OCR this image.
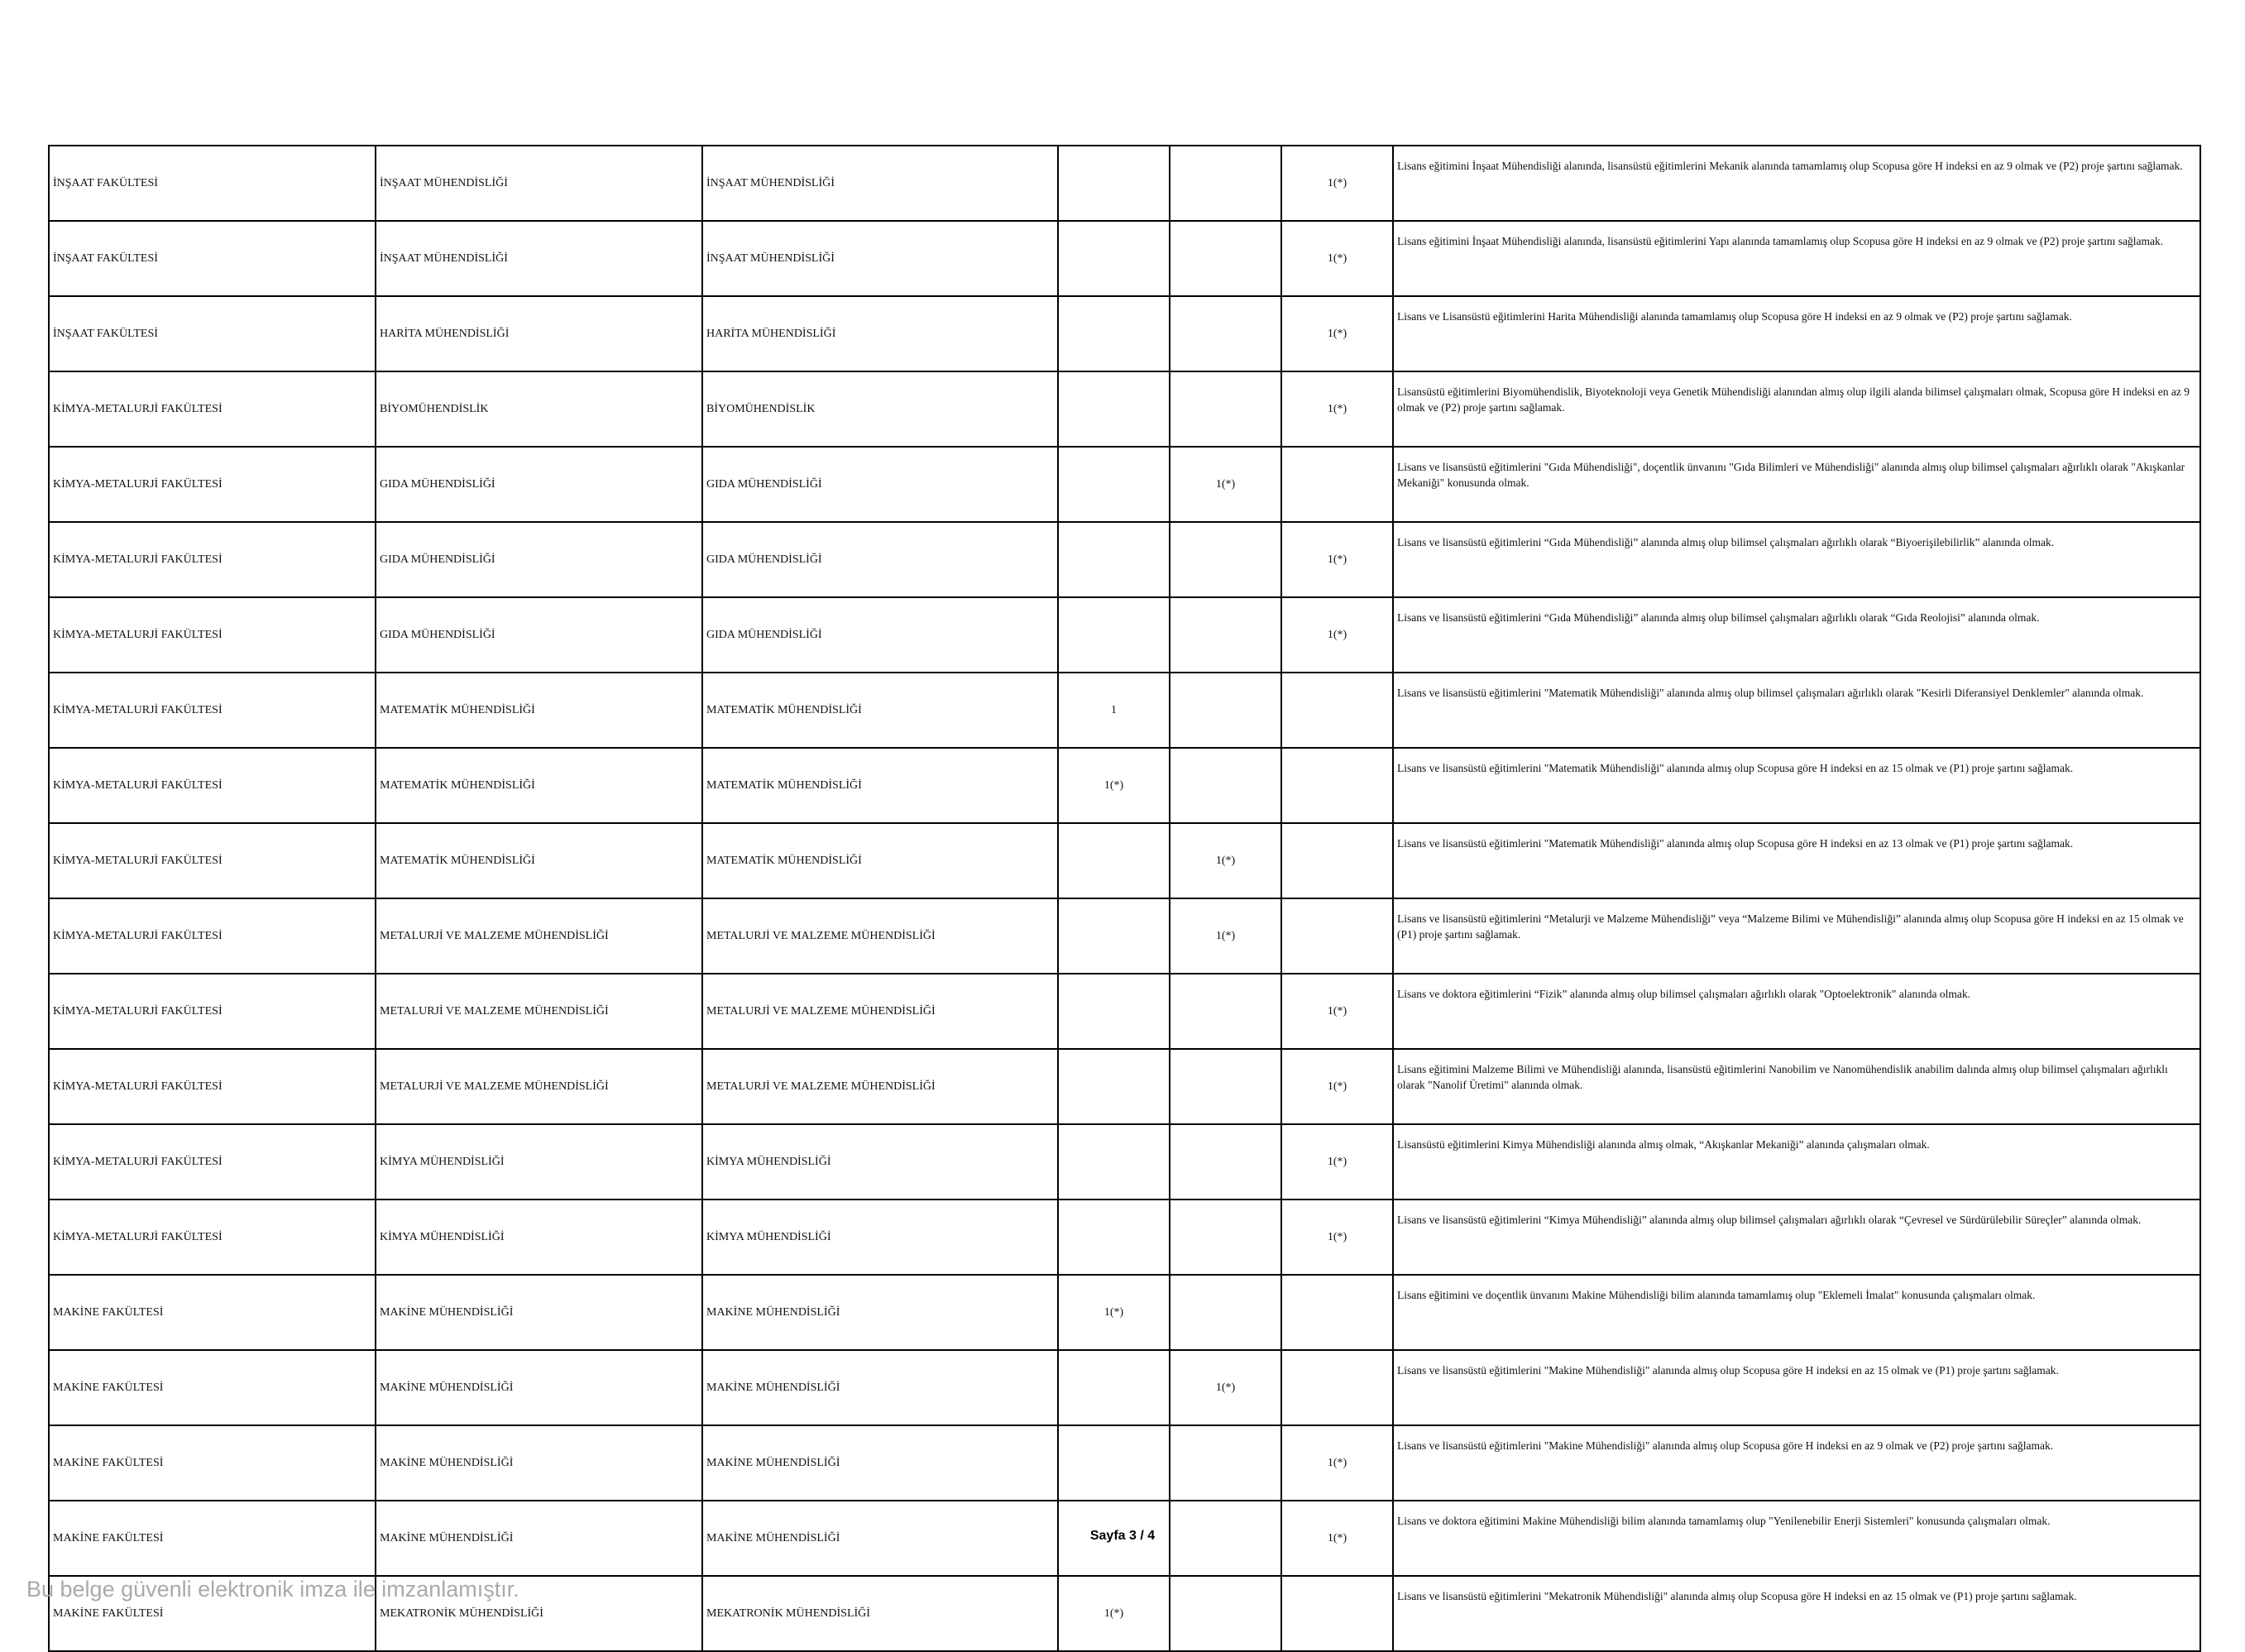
İNŞAAT FAKÜLTESİ	İNŞAAT MÜHENDİSLİĞİ	İNŞAAT MÜHENDİSLİĞİ			1(*)	Lisans eğitimini İnşaat Mühendisliği alanında, lisansüstü eğitimlerini Mekanik alanında tamamlamış olup Scopusa göre H indeksi en az 9 olmak ve (P2) proje şartını sağlamak.
İNŞAAT FAKÜLTESİ	İNŞAAT MÜHENDİSLİĞİ	İNŞAAT MÜHENDİSLİĞİ			1(*)	Lisans eğitimini İnşaat Mühendisliği alanında, lisansüstü eğitimlerini Yapı alanında tamamlamış olup Scopusa göre H indeksi en az 9 olmak ve (P2) proje şartını sağlamak.
İNŞAAT FAKÜLTESİ	HARİTA MÜHENDİSLİĞİ	HARİTA MÜHENDİSLİĞİ			1(*)	Lisans ve Lisansüstü eğitimlerini Harita Mühendisliği alanında tamamlamış olup Scopusa göre H indeksi en az 9 olmak ve (P2) proje şartını sağlamak.
KİMYA-METALURJİ FAKÜLTESİ	BİYOMÜHENDİSLİK	BİYOMÜHENDİSLİK			1(*)	Lisansüstü eğitimlerini Biyomühendislik, Biyoteknoloji veya Genetik Mühendisliği alanından almış olup ilgili alanda bilimsel çalışmaları olmak, Scopusa göre H indeksi en az 9 olmak ve (P2) proje şartını sağlamak.
KİMYA-METALURJİ FAKÜLTESİ	GIDA MÜHENDİSLİĞİ	GIDA MÜHENDİSLİĞİ		1(*)		Lisans ve lisansüstü eğitimlerini "Gıda Mühendisliği", doçentlik ünvanını "Gıda Bilimleri ve Mühendisliği" alanında almış olup bilimsel çalışmaları ağırlıklı olarak "Akışkanlar Mekaniği" konusunda olmak.
KİMYA-METALURJİ FAKÜLTESİ	GIDA MÜHENDİSLİĞİ	GIDA MÜHENDİSLİĞİ			1(*)	Lisans ve lisansüstü eğitimlerini “Gıda Mühendisliği” alanında almış olup bilimsel çalışmaları ağırlıklı olarak “Biyoerişilebilirlik” alanında olmak.
KİMYA-METALURJİ FAKÜLTESİ	GIDA MÜHENDİSLİĞİ	GIDA MÜHENDİSLİĞİ			1(*)	Lisans ve lisansüstü eğitimlerini “Gıda Mühendisliği” alanında almış olup bilimsel çalışmaları ağırlıklı olarak “Gıda Reolojisi” alanında olmak.
KİMYA-METALURJİ FAKÜLTESİ	MATEMATİK MÜHENDİSLİĞİ	MATEMATİK MÜHENDİSLİĞİ	1			Lisans ve lisansüstü eğitimlerini "Matematik Mühendisliği" alanında almış olup bilimsel çalışmaları ağırlıklı olarak "Kesirli Diferansiyel Denklemler" alanında olmak.
KİMYA-METALURJİ FAKÜLTESİ	MATEMATİK MÜHENDİSLİĞİ	MATEMATİK MÜHENDİSLİĞİ	1(*)			Lisans ve lisansüstü eğitimlerini "Matematik Mühendisliği" alanında almış olup Scopusa göre H indeksi en az 15 olmak ve (P1) proje şartını sağlamak.
KİMYA-METALURJİ FAKÜLTESİ	MATEMATİK MÜHENDİSLİĞİ	MATEMATİK MÜHENDİSLİĞİ		1(*)		Lisans ve lisansüstü eğitimlerini "Matematik Mühendisliği" alanında almış olup Scopusa göre H indeksi en az 13 olmak ve (P1) proje şartını sağlamak.
KİMYA-METALURJİ FAKÜLTESİ	METALURJİ VE MALZEME MÜHENDİSLİĞİ	METALURJİ VE MALZEME MÜHENDİSLİĞİ		1(*)		Lisans ve lisansüstü eğitimlerini “Metalurji ve Malzeme Mühendisliği” veya “Malzeme Bilimi ve Mühendisliği” alanında almış olup Scopusa göre H indeksi en az 15 olmak ve (P1) proje şartını sağlamak.
KİMYA-METALURJİ FAKÜLTESİ	METALURJİ VE MALZEME MÜHENDİSLİĞİ	METALURJİ VE MALZEME MÜHENDİSLİĞİ			1(*)	Lisans ve doktora eğitimlerini “Fizik” alanında almış olup bilimsel çalışmaları ağırlıklı olarak "Optoelektronik" alanında olmak.
KİMYA-METALURJİ FAKÜLTESİ	METALURJİ VE MALZEME MÜHENDİSLİĞİ	METALURJİ VE MALZEME MÜHENDİSLİĞİ			1(*)	Lisans eğitimini Malzeme Bilimi ve Mühendisliği alanında, lisansüstü eğitimlerini Nanobilim ve Nanomühendislik anabilim dalında almış olup bilimsel çalışmaları ağırlıklı olarak "Nanolif Üretimi" alanında olmak.
KİMYA-METALURJİ FAKÜLTESİ	KİMYA MÜHENDİSLİĞİ	KİMYA MÜHENDİSLİĞİ			1(*)	Lisansüstü eğitimlerini Kimya Mühendisliği alanında almış olmak, “Akışkanlar Mekaniği” alanında çalışmaları olmak.
KİMYA-METALURJİ FAKÜLTESİ	KİMYA MÜHENDİSLİĞİ	KİMYA MÜHENDİSLİĞİ			1(*)	Lisans ve lisansüstü eğitimlerini “Kimya Mühendisliği” alanında almış olup bilimsel çalışmaları ağırlıklı olarak “Çevresel ve Sürdürülebilir Süreçler” alanında olmak.
MAKİNE FAKÜLTESİ	MAKİNE MÜHENDİSLİĞİ	MAKİNE MÜHENDİSLİĞİ	1(*)			Lisans eğitimini ve doçentlik ünvanını Makine Mühendisliği bilim alanında tamamlamış olup "Eklemeli İmalat" konusunda çalışmaları olmak.
MAKİNE FAKÜLTESİ	MAKİNE MÜHENDİSLİĞİ	MAKİNE MÜHENDİSLİĞİ		1(*)		Lisans ve lisansüstü eğitimlerini "Makine Mühendisliği" alanında almış olup Scopusa göre H indeksi en az 15 olmak ve (P1) proje şartını sağlamak.
MAKİNE FAKÜLTESİ	MAKİNE MÜHENDİSLİĞİ	MAKİNE MÜHENDİSLİĞİ			1(*)	Lisans ve lisansüstü eğitimlerini "Makine Mühendisliği" alanında almış olup Scopusa göre H indeksi en az 9 olmak ve (P2) proje şartını sağlamak.
MAKİNE FAKÜLTESİ	MAKİNE MÜHENDİSLİĞİ	MAKİNE MÜHENDİSLİĞİ			1(*)	Lisans ve doktora eğitimini Makine Mühendisliği bilim alanında tamamlamış olup "Yenilenebilir Enerji Sistemleri" konusunda çalışmaları olmak.
MAKİNE FAKÜLTESİ	MEKATRONİK MÜHENDİSLİĞİ	MEKATRONİK MÜHENDİSLİĞİ	1(*)			Lisans ve lisansüstü eğitimlerini "Mekatronik Mühendisliği" alanında almış olup Scopusa göre H indeksi en az 15 olmak ve (P1) proje şartını sağlamak.
Sayfa 3 / 4
Bu belge güvenli elektronik imza ile imzanlamıştır.
